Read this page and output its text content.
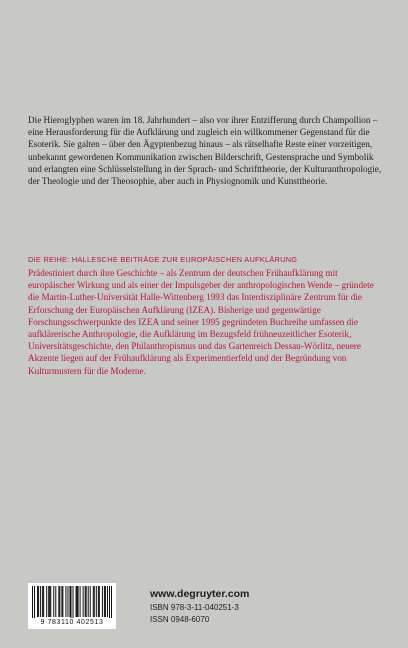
Die Hieroglyphen waren im 18. Jahrhundert – also vor ihrer Entzifferung durch Champollion – eine Herausforderung für die Aufklärung und zugleich ein willkommener Gegenstand für die Esoterik. Sie galten – über den Ägyptenbezug hinaus – als rätselhafte Reste einer vorzeitigen, unbekannt gewordenen Kommunikation zwischen Bilderschrift, Gestensprache und Symbolik und erlangten eine Schlüsselstellung in der Sprach- und Schrifttheorie, der Kulturanthropologie, der Theologie und der Theosophie, aber auch in Physiognomik und Kunsttheorie.

DIE REIHE: HALLESCHE BEITRÄGE ZUR EUROPÄISCHEN AUFKLÄRUNG

Prädestiniert durch ihre Geschichte – als Zentrum der deutschen Frühaufklärung mit europäischer Wirkung und als einer der Impulsgeber der anthropologischen Wende – gründete die Martin-Luther-Universität Halle-Wittenberg 1993 das Interdisziplinäre Zentrum für die Erforschung der Europäischen Aufklärung (IZEA). Bisherige und gegenwärtige Forschungsschwerpunkte des IZEA und seiner 1995 gegründeten Buchreihe umfassen die aufklärerische Anthropologie, die Aufklärung im Bezugsfeld frühneuzeitlicher Esoterik, Universitätsgeschichte, den Philanthropismus und das Gartenreich Dessau-Wörlitz, neuere Akzente liegen auf der Frühaufklärung als Experimentierfeld und der Begründung von Kulturmustern für die Moderne.

9 783110 402513
www.degruyter.com
ISBN 978-3-11-040251-3
ISSN 0948-6070
